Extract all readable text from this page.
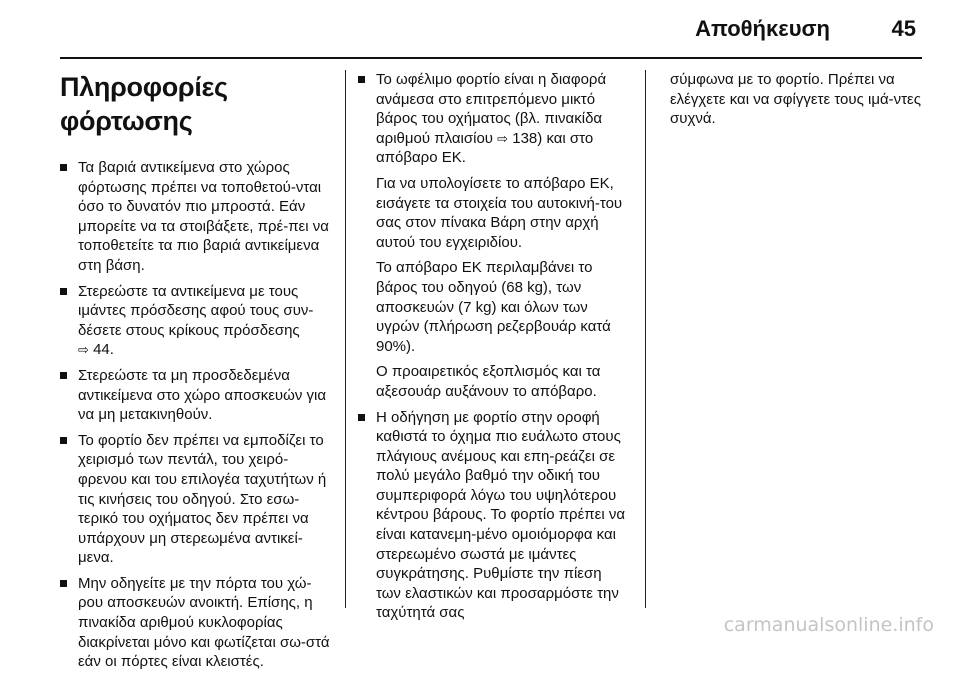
Αποθήκευση	45
Πληροφορίες φόρτωσης
Τα βαριά αντικείμενα στο χώρος φόρτωσης πρέπει να τοποθετού-νται όσο το δυνατόν πιο μπροστά. Εάν μπορείτε να τα στοιβάξετε, πρέ-πει να τοποθετείτε τα πιο βαριά αντικείμενα στη βάση.
Στερεώστε τα αντικείμενα με τους ιμάντες πρόσδεσης αφού τους συν-δέσετε στους κρίκους πρόσδεσης
⇨ 44.
Στερεώστε τα μη προσδεδεμένα αντικείμενα στο χώρο αποσκευών για να μη μετακινηθούν.
Το φορτίο δεν πρέπει να εμποδίζει το χειρισμό των πεντάλ, του χειρό-φρενου και του επιλογέα ταχυτήτων ή τις κινήσεις του οδηγού. Στο εσω-τερικό του οχήματος δεν πρέπει να υπάρχουν μη στερεωμένα αντικεί-μενα.
Μην οδηγείτε με την πόρτα του χώ-ρου αποσκευών ανοικτή. Επίσης, η πινακίδα αριθμού κυκλοφορίας διακρίνεται μόνο και φωτίζεται σω-στά εάν οι πόρτες είναι κλειστές.
Το ωφέλιμο φορτίο είναι η διαφορά ανάμεσα στο επιτρεπόμενο μικτό βάρος του οχήματος (βλ. πινακίδα αριθμού πλαισίου ⇨ 138) και στο απόβαρο ΕΚ.

Για να υπολογίσετε το απόβαρο ΕΚ, εισάγετε τα στοιχεία του αυτοκινή-του σας στον πίνακα Βάρη στην αρχή αυτού του εγχειριδίου.

Το απόβαρο ΕΚ περιλαμβάνει το βάρος του οδηγού (68 kg), των αποσκευών (7 kg) και όλων των υγρών (πλήρωση ρεζερβουάρ κατά 90%).

Ο προαιρετικός εξοπλισμός και τα αξεσουάρ αυξάνουν το απόβαρο.

Η οδήγηση με φορτίο στην οροφή καθιστά το όχημα πιο ευάλωτο στους πλάγιους ανέμους και επη-ρεάζει σε πολύ μεγάλο βαθμό την οδική του συμπεριφορά λόγω του υψηλότερου κέντρου βάρους. Το φορτίο πρέπει να είναι κατανεμη-μένο ομοιόμορφα και στερεωμένο σωστά με ιμάντες συγκράτησης. Ρυθμίστε την πίεση των ελαστικών και προσαρμόστε την ταχύτητά σας

σύμφωνα με το φορτίο. Πρέπει να ελέγχετε και να σφίγγετε τους ιμά-ντες συχνά.

carmanualsonline.info
